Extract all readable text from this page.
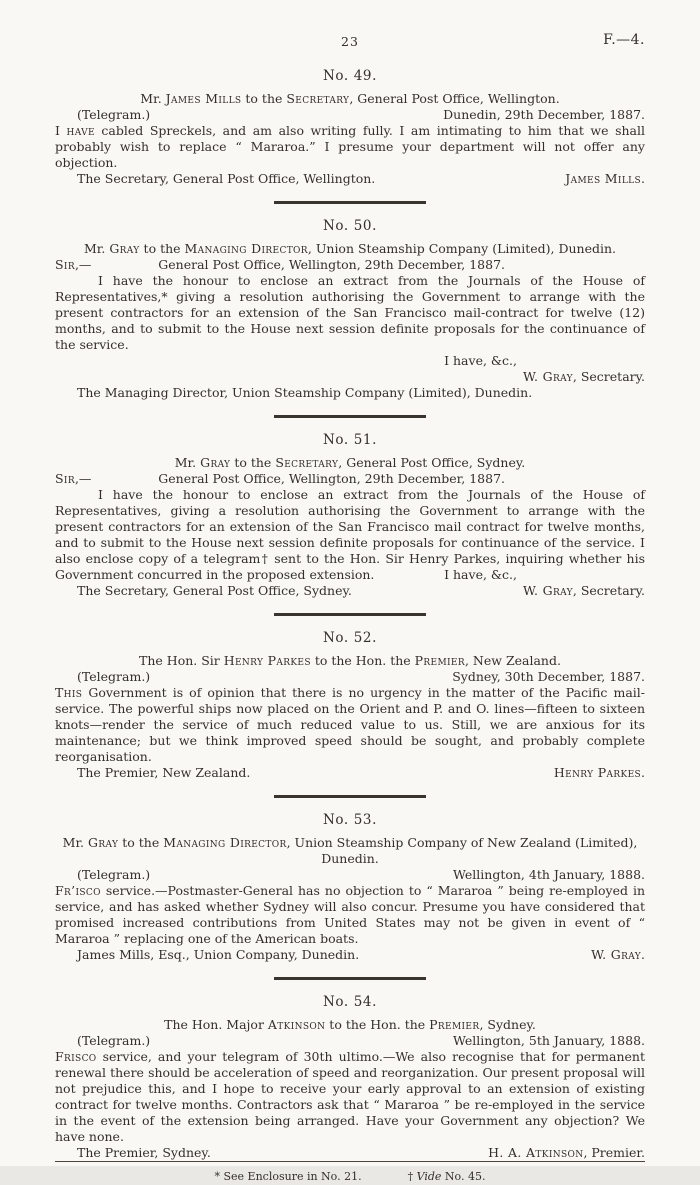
23	F.—4.
No. 49.

Mr. James Mills to the Secretary, General Post Office, Wellington.

(Telegram.)	Dunedin, 29th December, 1887.

I have cabled Spreckels, and am also writing fully. I am intimating to him that we shall probably wish to replace “ Mararoa.” I presume your department will not offer any objection.

The Secretary, General Post Office, Wellington.	James Mills.
No. 50.

Mr. Gray to the Managing Director, Union Steamship Company (Limited), Dunedin.

Sir,—	General Post Office, Wellington, 29th December, 1887.

I have the honour to enclose an extract from the Journals of the House of Representatives,* giving a resolution authorising the Government to arrange with the present contractors for an extension of the San Francisco mail-contract for twelve (12) months, and to submit to the House next session definite proposals for the continuance of the service.

I have, &c.,

W. Gray, Secretary.

The Managing Director, Union Steamship Company (Limited), Dunedin.

No. 51.

Mr. Gray to the Secretary, General Post Office, Sydney.

Sir,—	General Post Office, Wellington, 29th December, 1887.

I have the honour to enclose an extract from the Journals of the House of Representatives, giving a resolution authorising the Government to arrange with the present contractors for an extension of the San Francisco mail contract for twelve months, and to submit to the House next session definite proposals for continuance of the service. I also enclose copy of a telegram† sent to the Hon. Sir Henry Parkes, inquiring whether his Government concurred in the proposed extension.	I have, &c.,

The Secretary, General Post Office, Sydney.	W. Gray, Secretary.
No. 52.

The Hon. Sir Henry Parkes to the Hon. the Premier, New Zealand.

(Telegram.)	Sydney, 30th December, 1887.

This Government is of opinion that there is no urgency in the matter of the Pacific mail-service. The powerful ships now placed on the Orient and P. and O. lines—fifteen to sixteen knots—render the service of much reduced value to us. Still, we are anxious for its maintenance; but we think improved speed should be sought, and probably complete reorganisation.

The Premier, New Zealand.	Henry Parkes.
No. 53.

Mr. Gray to the Managing Director, Union Steamship Company of New Zealand (Limited),

Dunedin.

(Telegram.)	Wellington, 4th January, 1888.

Fr’isco service.—Postmaster-General has no objection to “ Mararoa ” being re-employed in service, and has asked whether Sydney will also concur. Presume you have considered that promised increased contributions from United States may not be given in event of “ Mararoa ” replacing one of the American boats.

James Mills, Esq., Union Company, Dunedin.	W. Gray.
No. 54.

The Hon. Major Atkinson to the Hon. the Premier, Sydney.

(Telegram.)	Wellington, 5th January, 1888.

Frisco service, and your telegram of 30th ultimo.—We also recognise that for permanent renewal there should be acceleration of speed and reorganization. Our present proposal will not prejudice this, and I hope to receive your early approval to an extension of existing contract for twelve months. Contractors ask that “ Mararoa ” be re-employed in the service in the event of the extension being arranged. Have your Government any objection? We have none.

The Premier, Sydney.	H. A. Atkinson, Premier.
* See Enclosure in No. 21.	† Vide No. 45.
